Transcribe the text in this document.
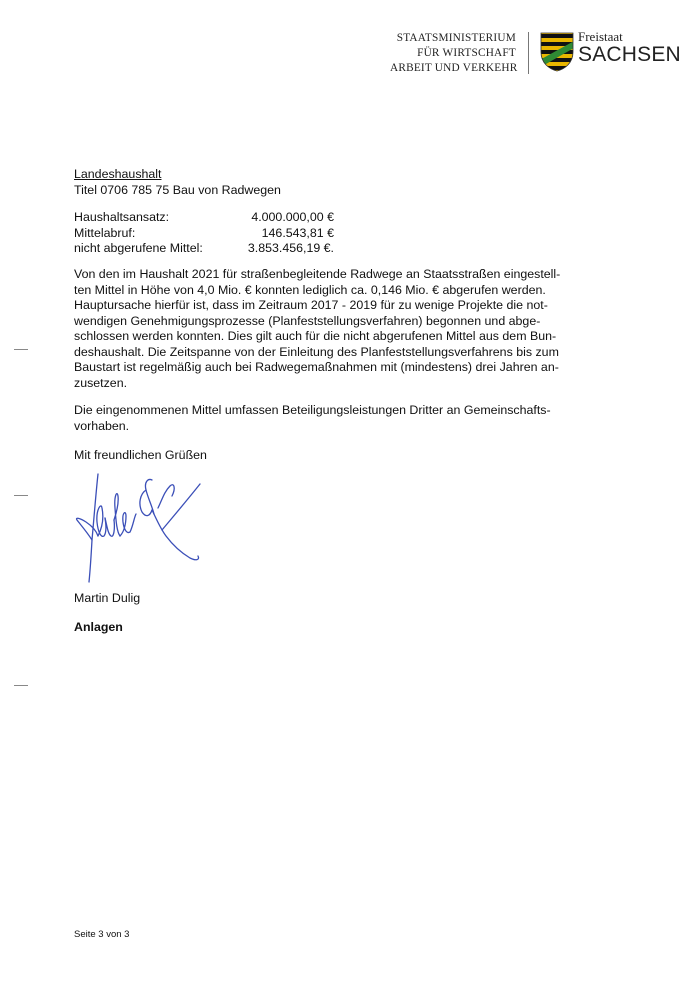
STAATSMINISTERIUM
FÜR WIRTSCHAFT
ARBEIT UND VERKEHR
Freistaat
SACHSEN
Landeshaushalt
Titel 0706 785 75 Bau von Radwegen
Haushaltsansatz:	4.000.000,00 €
Mittelabruf:	146.543,81 €
nicht abgerufene Mittel:	3.853.456,19 €.
Von den im Haushalt 2021 für straßenbegleitende Radwege an Staatsstraßen eingestell-
ten Mittel in Höhe von 4,0 Mio. € konnten lediglich ca. 0,146 Mio. € abgerufen werden.
Hauptursache hierfür ist, dass im Zeitraum 2017 - 2019 für zu wenige Projekte die not-
wendigen Genehmigungsprozesse (Planfeststellungsverfahren) begonnen und abge-
schlossen werden konnten. Dies gilt auch für die nicht abgerufenen Mittel aus dem Bun-
deshaushalt. Die Zeitspanne von der Einleitung des Planfeststellungsverfahrens bis zum
Baustart ist regelmäßig auch bei Radwegemaßnahmen mit (mindestens) drei Jahren an-
zusetzen.
Die eingenommenen Mittel umfassen Beteiligungsleistungen Dritter an Gemeinschafts-
vorhaben.
Mit freundlichen Grüßen
Martin Dulig
Anlagen
Seite 3 von 3
